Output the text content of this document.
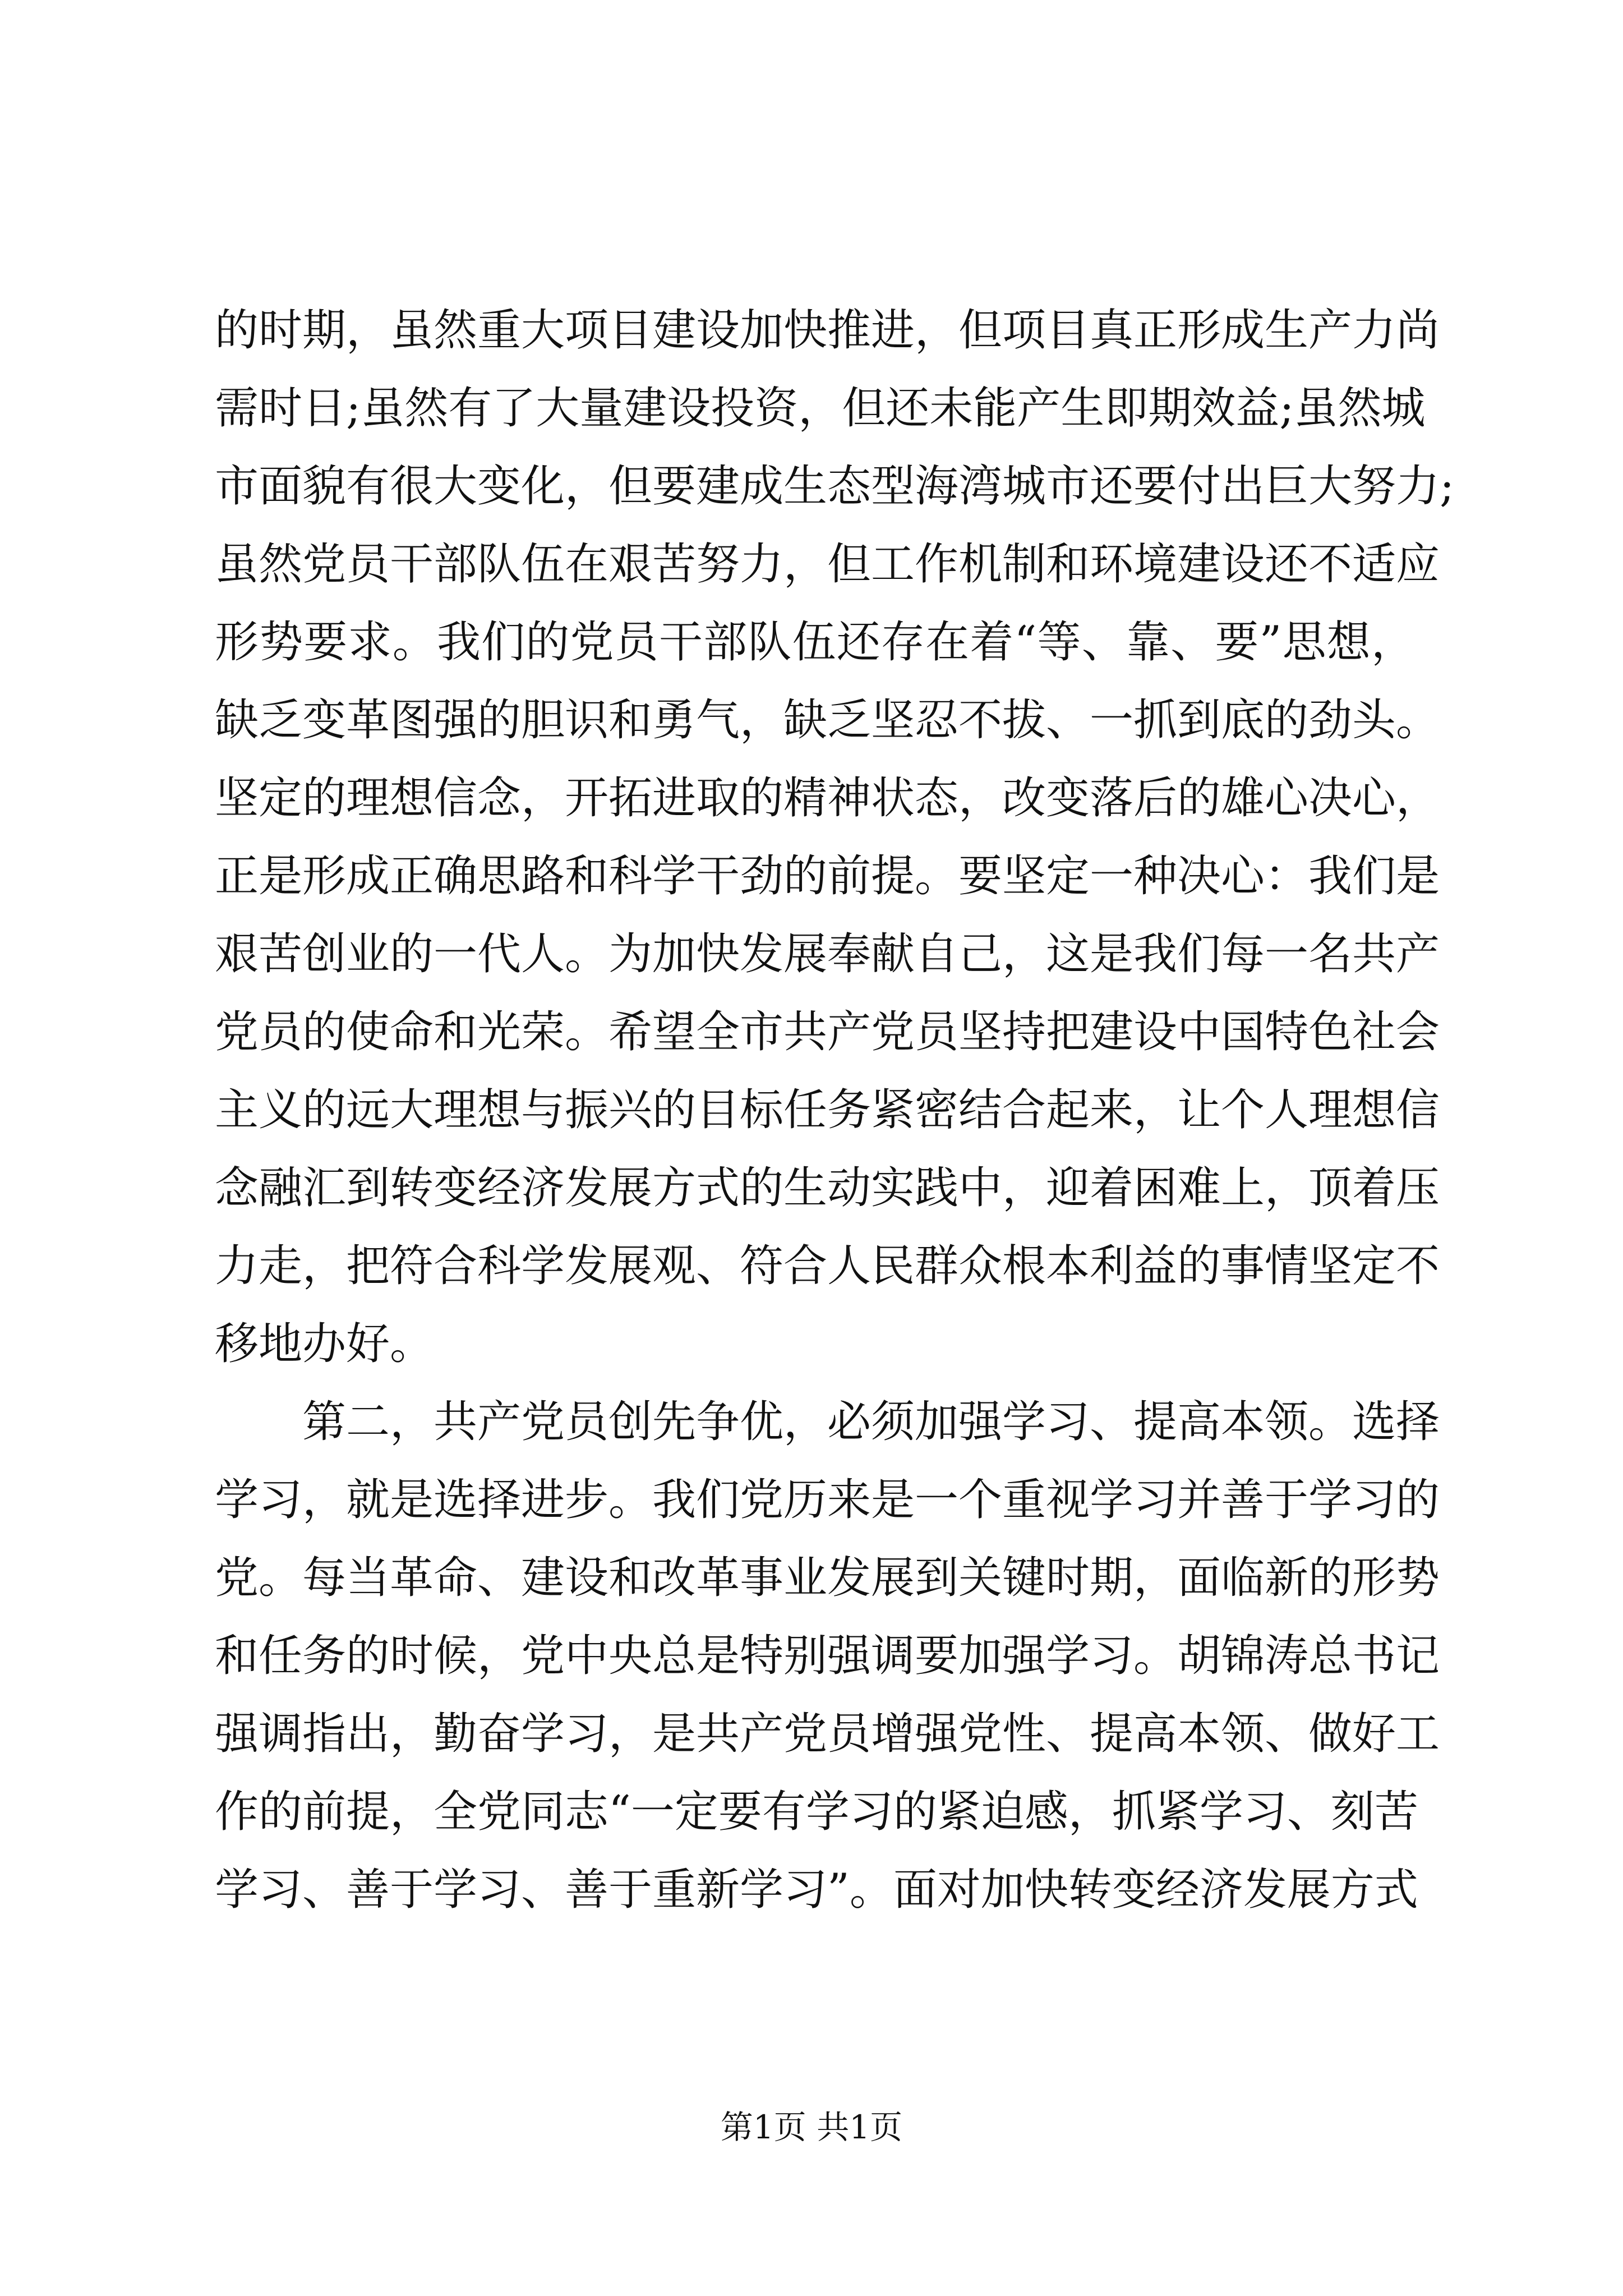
的时期，虽然重大项目建设加快推进，但项目真正形成生产力尚
需时日;虽然有了大量建设投资，但还未能产生即期效益;虽然城
市面貌有很大变化，但要建成生态型海湾城市还要付出巨大努力;
虽然党员干部队伍在艰苦努力，但工作机制和环境建设还不适应
形势要求。我们的党员干部队伍还存在着“等、靠、要”思想，
缺乏变革图强的胆识和勇气，缺乏坚忍不拔、一抓到底的劲头。
坚定的理想信念，开拓进取的精神状态，改变落后的雄心决心，
正是形成正确思路和科学干劲的前提。要坚定一种决心：我们是
艰苦创业的一代人。为加快发展奉献自己，这是我们每一名共产
党员的使命和光荣。希望全市共产党员坚持把建设中国特色社会
主义的远大理想与振兴的目标任务紧密结合起来，让个人理想信
念融汇到转变经济发展方式的生动实践中，迎着困难上，顶着压
力走，把符合科学发展观、符合人民群众根本利益的事情坚定不
移地办好。
第二，共产党员创先争优，必须加强学习、提高本领。选择
学习，就是选择进步。我们党历来是一个重视学习并善于学习的
党。每当革命、建设和改革事业发展到关键时期，面临新的形势
和任务的时候，党中央总是特别强调要加强学习。胡锦涛总书记
强调指出，勤奋学习，是共产党员增强党性、提高本领、做好工
作的前提，全党同志“一定要有学习的紧迫感，抓紧学习、刻苦
学习、善于学习、善于重新学习”。面对加快转变经济发展方式
第1页 共1页
